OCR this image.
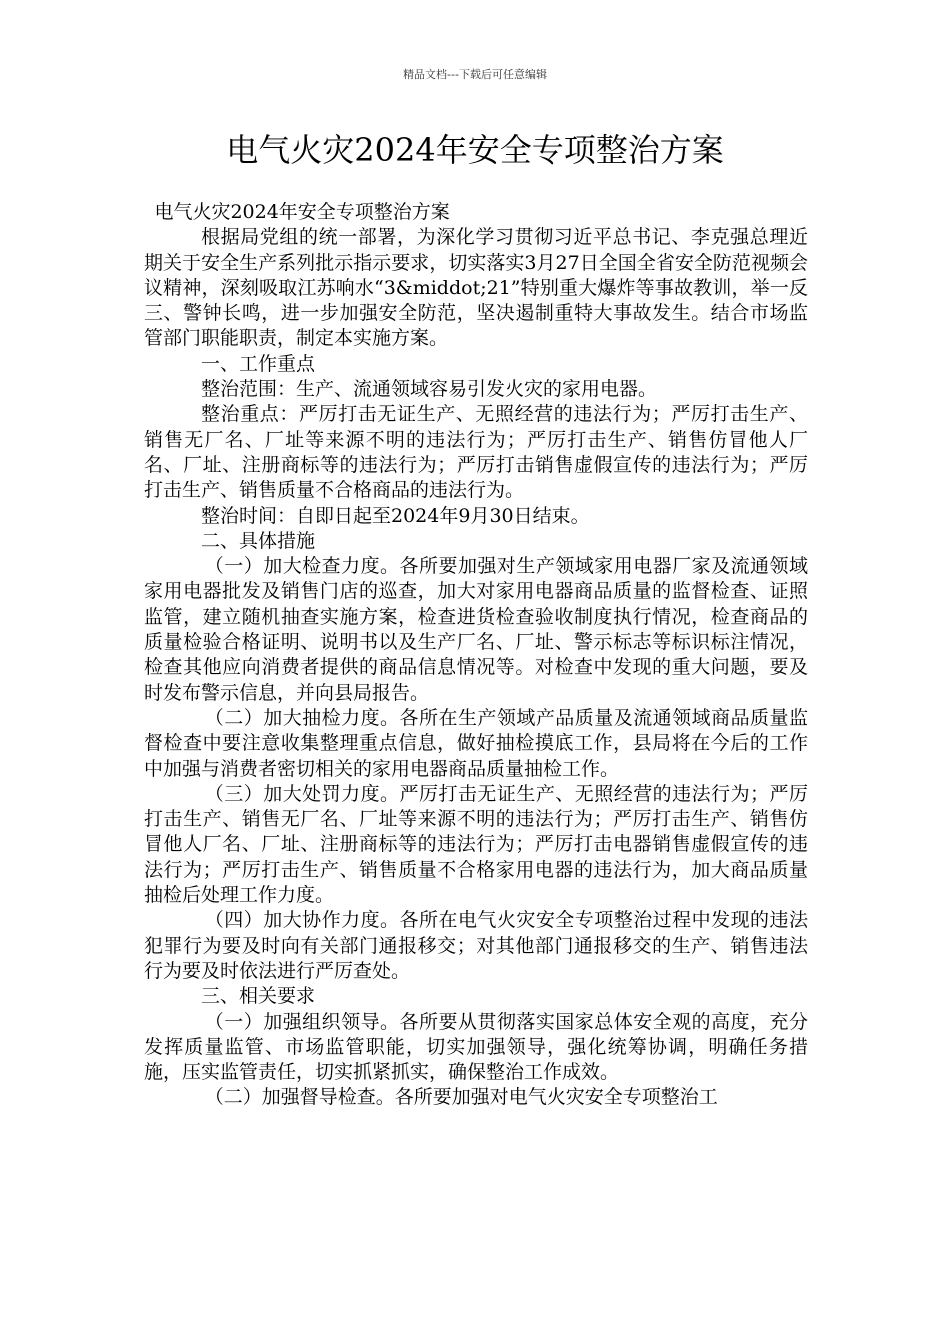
精品文档---下载后可任意编辑
电气火灾2024年安全专项整治方案

电气火灾2024年安全专项整治方案

根据局党组的统一部署，为深化学习贯彻习近平总书记、李克强总理近期关于安全生产系列批示指示要求，切实落实3月27日全国全省安全防范视频会议精神，深刻吸取江苏响水“3&middot;21”特别重大爆炸等事故教训，举一反三、警钟长鸣，进一步加强安全防范，坚决遏制重特大事故发生。结合市场监管部门职能职责，制定本实施方案。

一、工作重点

整治范围：生产、流通领域容易引发火灾的家用电器。

整治重点：严厉打击无证生产、无照经营的违法行为；严厉打击生产、销售无厂名、厂址等来源不明的违法行为；严厉打击生产、销售仿冒他人厂名、厂址、注册商标等的违法行为；严厉打击销售虚假宣传的违法行为；严厉打击生产、销售质量不合格商品的违法行为。

整治时间：自即日起至2024年9月30日结束。

二、具体措施

（一）加大检查力度。各所要加强对生产领域家用电器厂家及流通领域家用电器批发及销售门店的巡查，加大对家用电器商品质量的监督检查、证照监管，建立随机抽查实施方案，检查进货检查验收制度执行情况，检查商品的质量检验合格证明、说明书以及生产厂名、厂址、警示标志等标识标注情况，检查其他应向消费者提供的商品信息情况等。对检查中发现的重大问题，要及时发布警示信息，并向县局报告。

（二）加大抽检力度。各所在生产领域产品质量及流通领域商品质量监督检查中要注意收集整理重点信息，做好抽检摸底工作，县局将在今后的工作中加强与消费者密切相关的家用电器商品质量抽检工作。

（三）加大处罚力度。严厉打击无证生产、无照经营的违法行为；严厉打击生产、销售无厂名、厂址等来源不明的违法行为；严厉打击生产、销售仿冒他人厂名、厂址、注册商标等的违法行为；严厉打击电器销售虚假宣传的违法行为；严厉打击生产、销售质量不合格家用电器的违法行为，加大商品质量抽检后处理工作力度。

（四）加大协作力度。各所在电气火灾安全专项整治过程中发现的违法犯罪行为要及时向有关部门通报移交；对其他部门通报移交的生产、销售违法行为要及时依法进行严厉查处。

三、相关要求

（一）加强组织领导。各所要从贯彻落实国家总体安全观的高度，充分发挥质量监管、市场监管职能，切实加强领导，强化统筹协调，明确任务措施，压实监管责任，切实抓紧抓实，确保整治工作成效。

（二）加强督导检查。各所要加强对电气火灾安全专项整治工
